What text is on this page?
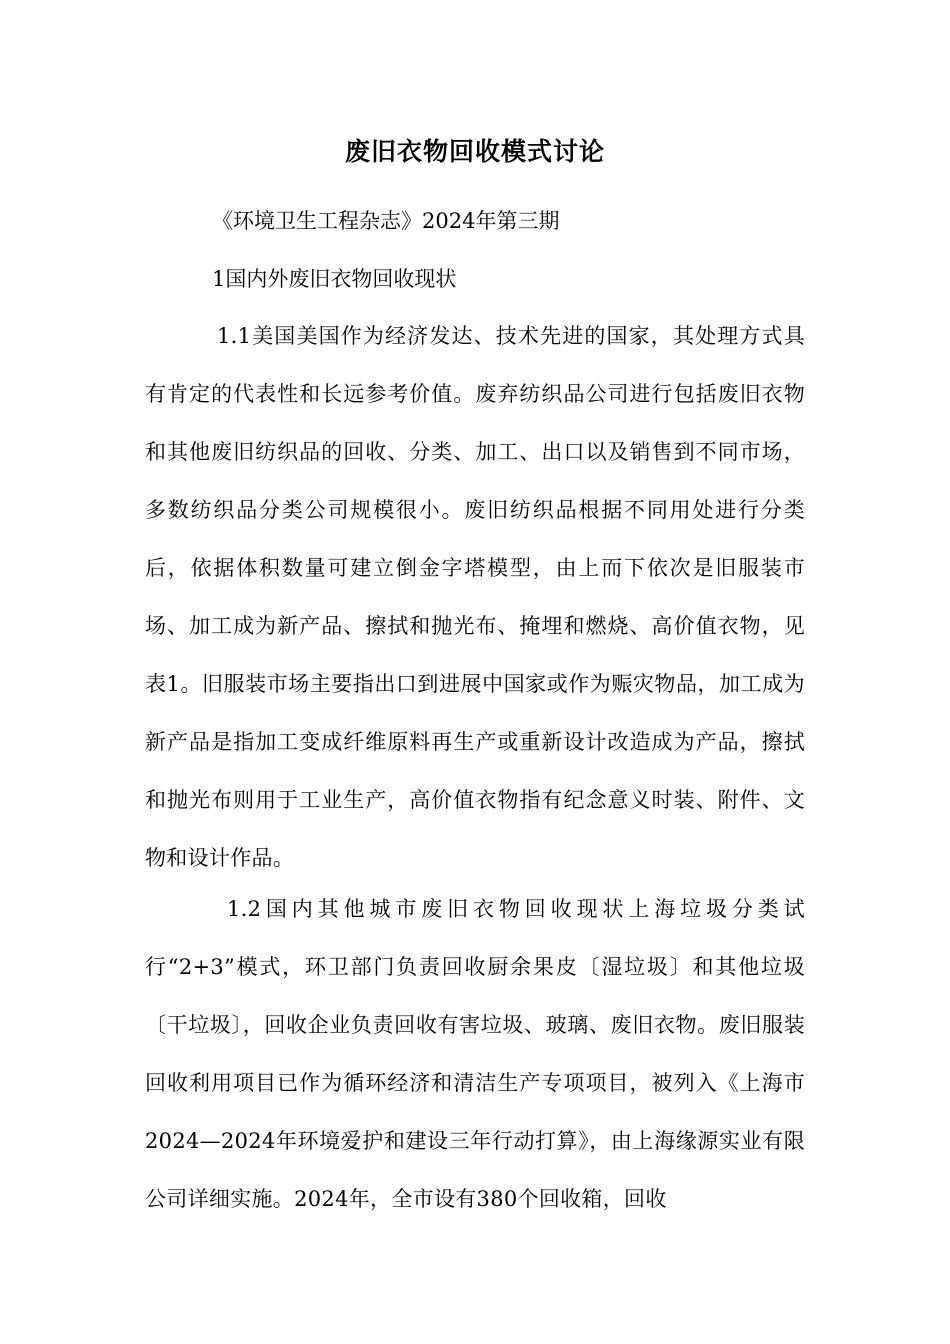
废旧衣物回收模式讨论
《环境卫生工程杂志》2024年第三期
1国内外废旧衣物回收现状

1.1美国美国作为经济发达、技术先进的国家，其处理方式具有肯定的代表性和长远参考价值。废弃纺织品公司进行包括废旧衣物和其他废旧纺织品的回收、分类、加工、出口以及销售到不同市场，多数纺织品分类公司规模很小。废旧纺织品根据不同用处进行分类后，依据体积数量可建立倒金字塔模型，由上而下依次是旧服装市场、加工成为新产品、擦拭和抛光布、掩埋和燃烧、高价值衣物，见表1。旧服装市场主要指出口到进展中国家或作为赈灾物品，加工成为新产品是指加工变成纤维原料再生产或重新设计改造成为产品，擦拭和抛光布则用于工业生产，高价值衣物指有纪念意义时装、附件、文物和设计作品。

1.2国内其他城市废旧衣物回收现状上海垃圾分类试行“2+3”模式，环卫部门负责回收厨余果皮〔湿垃圾〕和其他垃圾〔干垃圾〕，回收企业负责回收有害垃圾、玻璃、废旧衣物。废旧服装回收利用项目已作为循环经济和清洁生产专项项目，被列入《上海市2024—2024年环境爱护和建设三年行动打算》，由上海缘源实业有限公司详细实施。2024年，全市设有380个回收箱，回收
